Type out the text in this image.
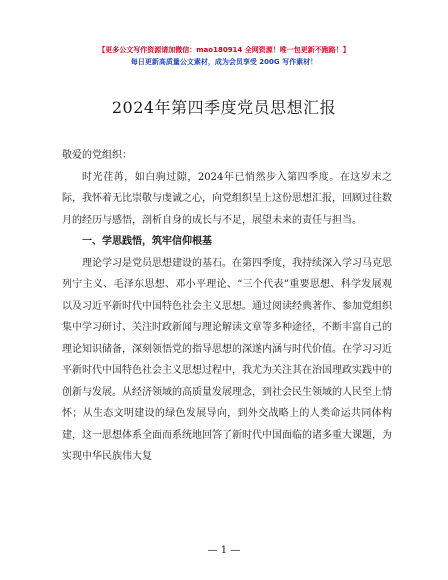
【更多公文写作资源请加微信：mao180914 全网资源！唯一包更新不跑路！】
每日更新高质量公文素材，成为会员享受 200G 写作素材！
2024年第四季度党员思想汇报

敬爱的党组织：

时光荏苒，如白驹过隙，2024年已悄然步入第四季度。在这岁末之际，我怀着无比崇敬与虔诚之心，向党组织呈上这份思想汇报，回顾过往数月的经历与感悟，剖析自身的成长与不足，展望未来的责任与担当。

一、学思践悟，筑牢信仰根基

理论学习是党员思想建设的基石。在第四季度，我持续深入学习马克思列宁主义、毛泽东思想、邓小平理论、“三个代表”重要思想、科学发展观以及习近平新时代中国特色社会主义思想。通过阅读经典著作、参加党组织集中学习研讨、关注时政新闻与理论解读文章等多种途径，不断丰富自己的理论知识储备，深刻领悟党的指导思想的深遂内涵与时代价值。在学习习近平新时代中国特色社会主义思想过程中，我尤为关注其在治国理政实践中的创新与发展。从经济领域的高质量发展理念，到社会民生领域的人民至上情怀；从生态文明建设的绿色发展导向，到外交战略上的人类命运共同体构建，这一思想体系全面而系统地回答了新时代中国面临的诸多重大课题，为实现中华民族伟大复

— 1 —
